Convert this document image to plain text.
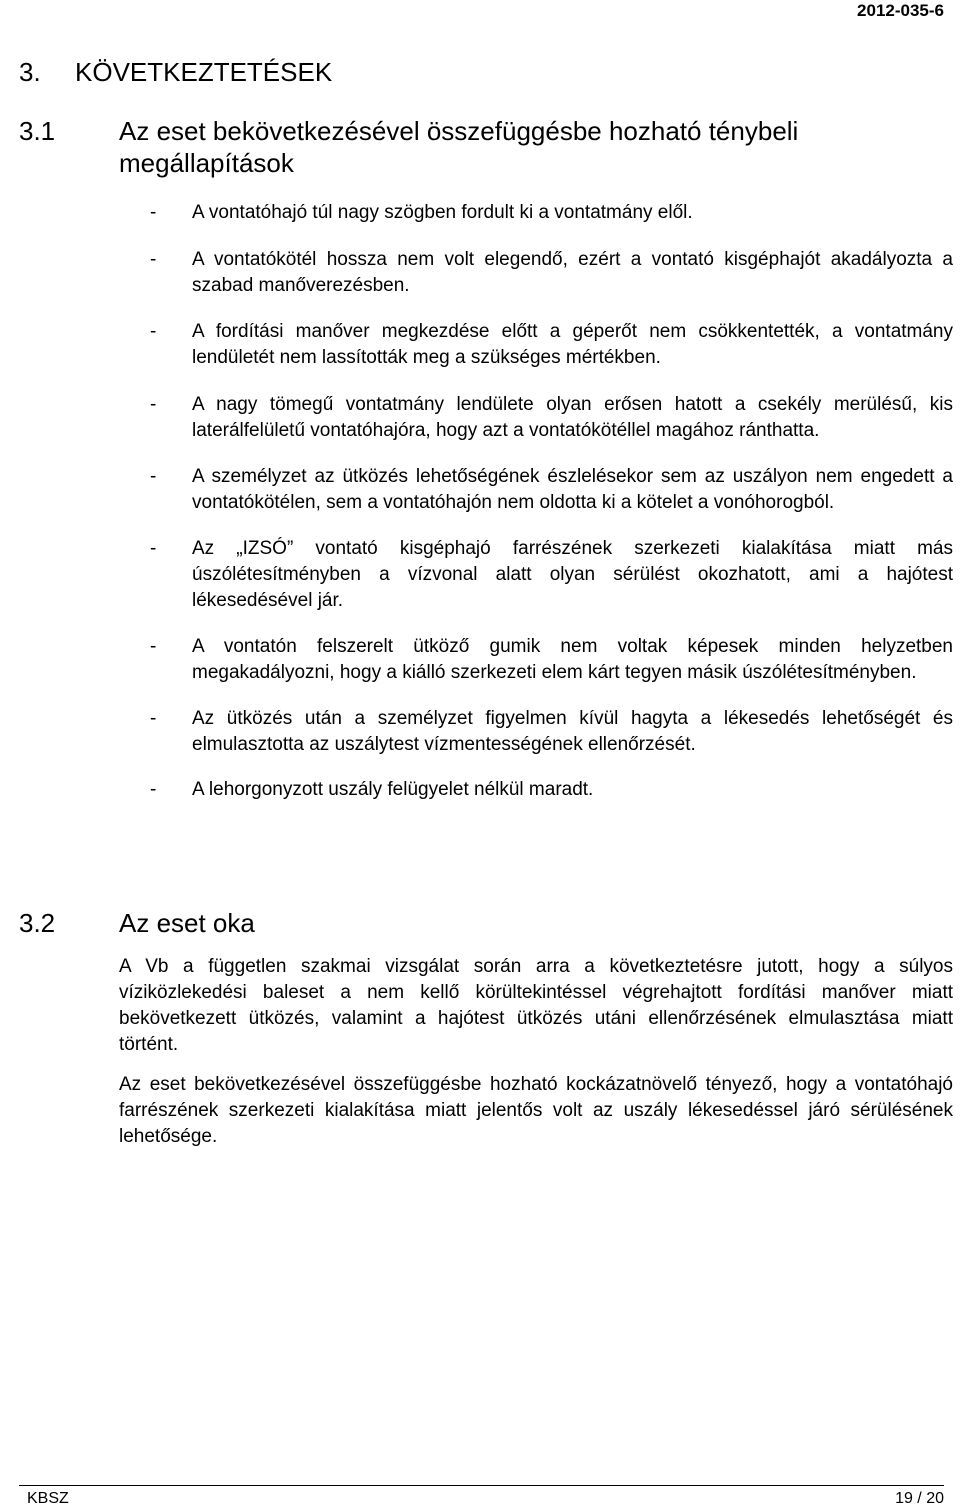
2012-035-6
3.	KÖVETKEZTETÉSEK
3.1	Az eset bekövetkezésével összefüggésbe hozható ténybeli megállapítások
- A vontatóhajó túl nagy szögben fordult ki a vontatmány elől.
- A vontatókötél hossza nem volt elegendő, ezért a vontató kisgéphajót akadályozta a szabad manőverezésben.
- A fordítási manőver megkezdése előtt a géperőt nem csökkentették, a vontatmány lendületét nem lassították meg a szükséges mértékben.
- A nagy tömegű vontatmány lendülete olyan erősen hatott a csekély merülésű, kis laterálfelületű vontatóhajóra, hogy azt a vontatókötéllel magához ránthatta.
- A személyzet az ütközés lehetőségének észlelésekor sem az uszályon nem engedett a vontatókötélen, sem a vontatóhajón nem oldotta ki a kötelet a vonóhorogból.
- Az „IZSÓ” vontató kisgéphajó farrészének szerkezeti kialakítása miatt más úszólétesítményben a vízvonal alatt olyan sérülést okozhatott, ami a hajótest lékesedésével jár.
- A vontatón felszerelt ütköző gumik nem voltak képesek minden helyzetben megakadályozni, hogy a kiálló szerkezeti elem kárt tegyen másik úszólétesítményben.
- Az ütközés után a személyzet figyelmen kívül hagyta a lékesedés lehetőségét és elmulasztotta az uszálytest vízmentességének ellenőrzését.
- A lehorgonyzott uszály felügyelet nélkül maradt.
3.2	Az eset oka

A Vb a független szakmai vizsgálat során arra a következtetésre jutott, hogy a súlyos víziközlekedési baleset a nem kellő körültekintéssel végrehajtott fordítási manőver miatt bekövetkezett ütközés, valamint a hajótest ütközés utáni ellenőrzésének elmulasztása miatt történt.

Az eset bekövetkezésével összefüggésbe hozható kockázatnövelő tényező, hogy a vontatóhajó farrészének szerkezeti kialakítása miatt jelentős volt az uszály lékesedéssel járó sérülésének lehetősége.

KBSZ	19 / 20
